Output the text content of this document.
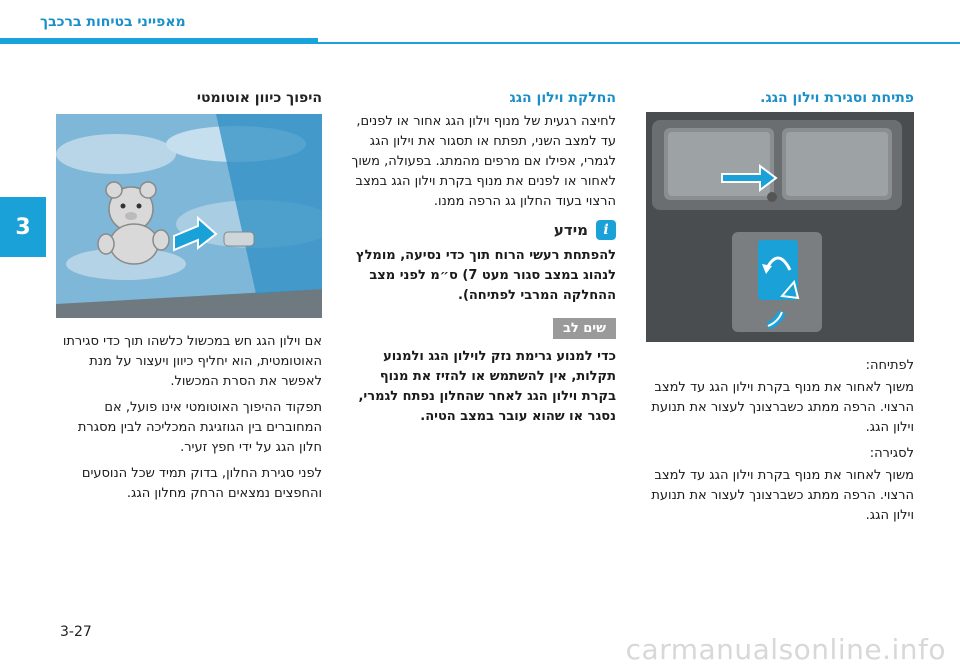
מאפייני בטיחות ברכבך
3
פתיחת וסגירת וילון הגג.
לפתיחה:
משוך לאחור את מנוף בקרת וילון הגג עד למצב הרצוי. הרפה ממתג כשברצונך לעצור את תנועת וילון הגג.
לסגירה:
משוך לאחור את מנוף בקרת וילון הגג עד למצב הרצוי. הרפה ממתג כשברצונך לעצור את תנועת וילון הגג.
החלקת וילון הגג
לחיצה רגעית של מנוף וילון הגג אחור או לפנים, עד למצב השני, תפתח או תסגור את וילון הגג לגמרי, אפילו אם מרפים מהמתג. בפעולה, משוך לאחור או לפנים את מנוף בקרת וילון הגג במצב הרצוי בעוד החלון גג הרפה ממנו.
i
מידע
להפתחת רעשי הרוח תוך כדי נסיעה, מומלץ לנהוג במצב סגור מעט 7) ס״מ לפני מצב ההחלקה המרבי לפתיחה).
שים לב
כדי למנוע גרימת נזק לוילון הגג ולמנוע תקלות, אין להשתמש או להזיז את מנוף בקרת וילון הגג לאחר שהחלון נפתח לגמרי, נסגר או שהוא עובר במצב הטיה.
היפוך כיוון אוטומטי
אם וילון הגג חש במכשול כלשהו תוך כדי סגירתו האוטומטית, הוא יחליף כיוון ויעצור על מנת לאפשר את הסרת המכשול.
תפקוד ההיפוך האוטומטי אינו פועל, אם המחוברים בין הגוזגיגת המכליכה לבין מסגרת חלון הגג על ידי חפץ זעיר.
לפני סגירת החלון, בדוק תמיד שכל הנוסעים והחפצים נמצאים הרחק מחלון הגג.
3-27
carmanualsonline.info
